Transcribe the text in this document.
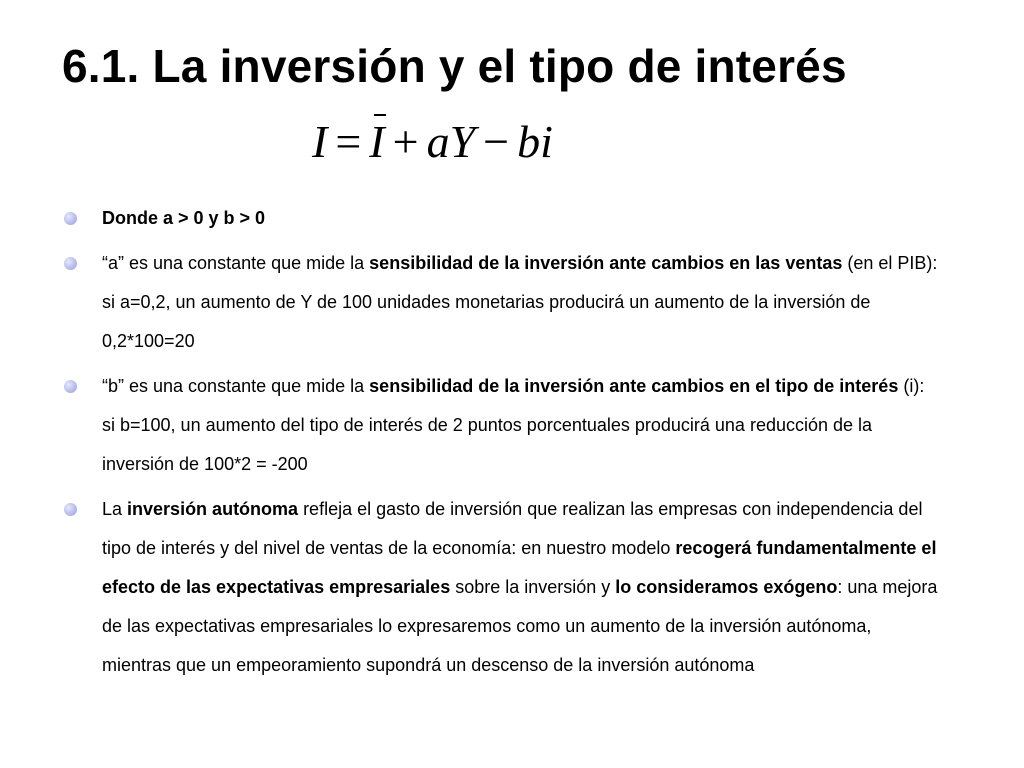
6.1. La inversión y el tipo de interés
I = I + aY − bi
Donde a > 0 y b > 0
“a” es una constante que mide la sensibilidad de la inversión ante cambios en las ventas (en el PIB): si a=0,2, un aumento de Y de 100 unidades monetarias producirá un aumento de la inversión de 0,2*100=20
“b” es una constante que mide la sensibilidad de la inversión ante cambios en el tipo de interés (i): si b=100, un aumento del tipo de interés de 2 puntos porcentuales producirá una reducción de la inversión de 100*2 = -200
La inversión autónoma refleja el gasto de inversión que realizan las empresas con independencia del tipo de interés y del nivel de ventas de la economía: en nuestro modelo recogerá fundamentalmente el efecto de las expectativas empresariales sobre la inversión y lo consideramos exógeno: una mejora de las expectativas empresariales lo expresaremos como un aumento de la inversión autónoma, mientras que un empeoramiento supondrá un descenso de la inversión autónoma
